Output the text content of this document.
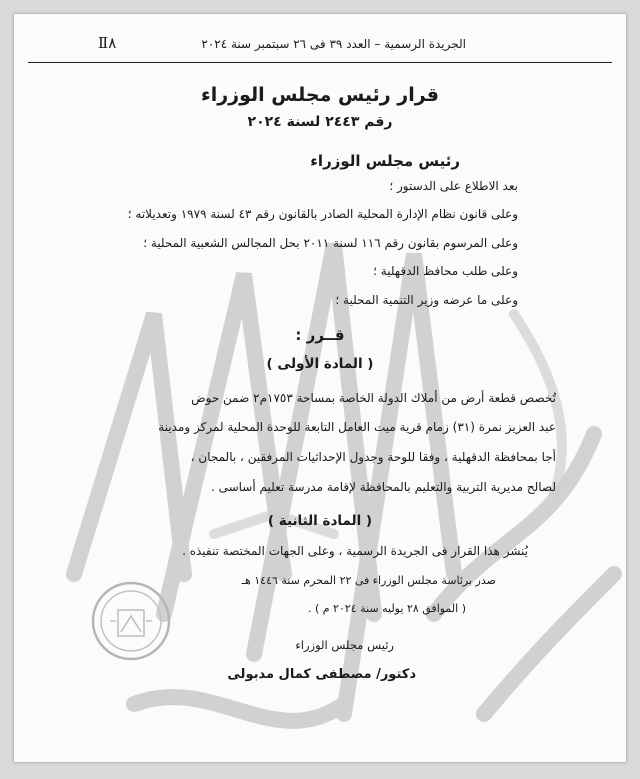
Ⅱ٨	الجريدة الرسمية – العدد ٣٩ فى ٢٦ سبتمبر سنة ٢٠٢٤
قرار رئيس مجلس الوزراء
رقم ٢٤٤٣ لسنة ٢٠٢٤
رئيس مجلس الوزراء
بعد الاطلاع على الدستور ؛
وعلى قانون نظام الإدارة المحلية الصادر بالقانون رقم ٤٣ لسنة ١٩٧٩ وتعديلاته ؛
وعلى المرسوم بقانون رقم ١١٦ لسنة ٢٠١١ بحل المجالس الشعبية المحلية ؛
وعلى طلب محافظ الدقهلية ؛
وعلى ما عرضه وزير التنمية المحلية ؛
قــرر :
( المادة الأولى )
تُخصص قطعة أرض من أملاك الدولة الخاصة بمساحة ١٧٥٣م٢ ضمن حوض
عبد العزيز نمرة (٣١) زمام قرية ميت العامل التابعة للوحدة المحلية لمركز ومدينة
أجا بمحافظة الدقهلية ، وفقا للوحة وجدول الإحداثيات المرفقين ، بالمجان ،
لصالح مديرية التربية والتعليم بالمحافظة لإقامة مدرسة تعليم أساسى .
( المادة الثانية )
يُنشر هذا القرار فى الجريدة الرسمية ، وعلى الجهات المختصة تنفيذه .
صدر برئاسة مجلس الوزراء فى ٢٢ المحرم سنة ١٤٤٦ هـ
( الموافق ٢٨ يوليه سنة ٢٠٢٤ م ) .
رئيس مجلس الوزراء
دكتور/ مصطفى كمال مدبولى
